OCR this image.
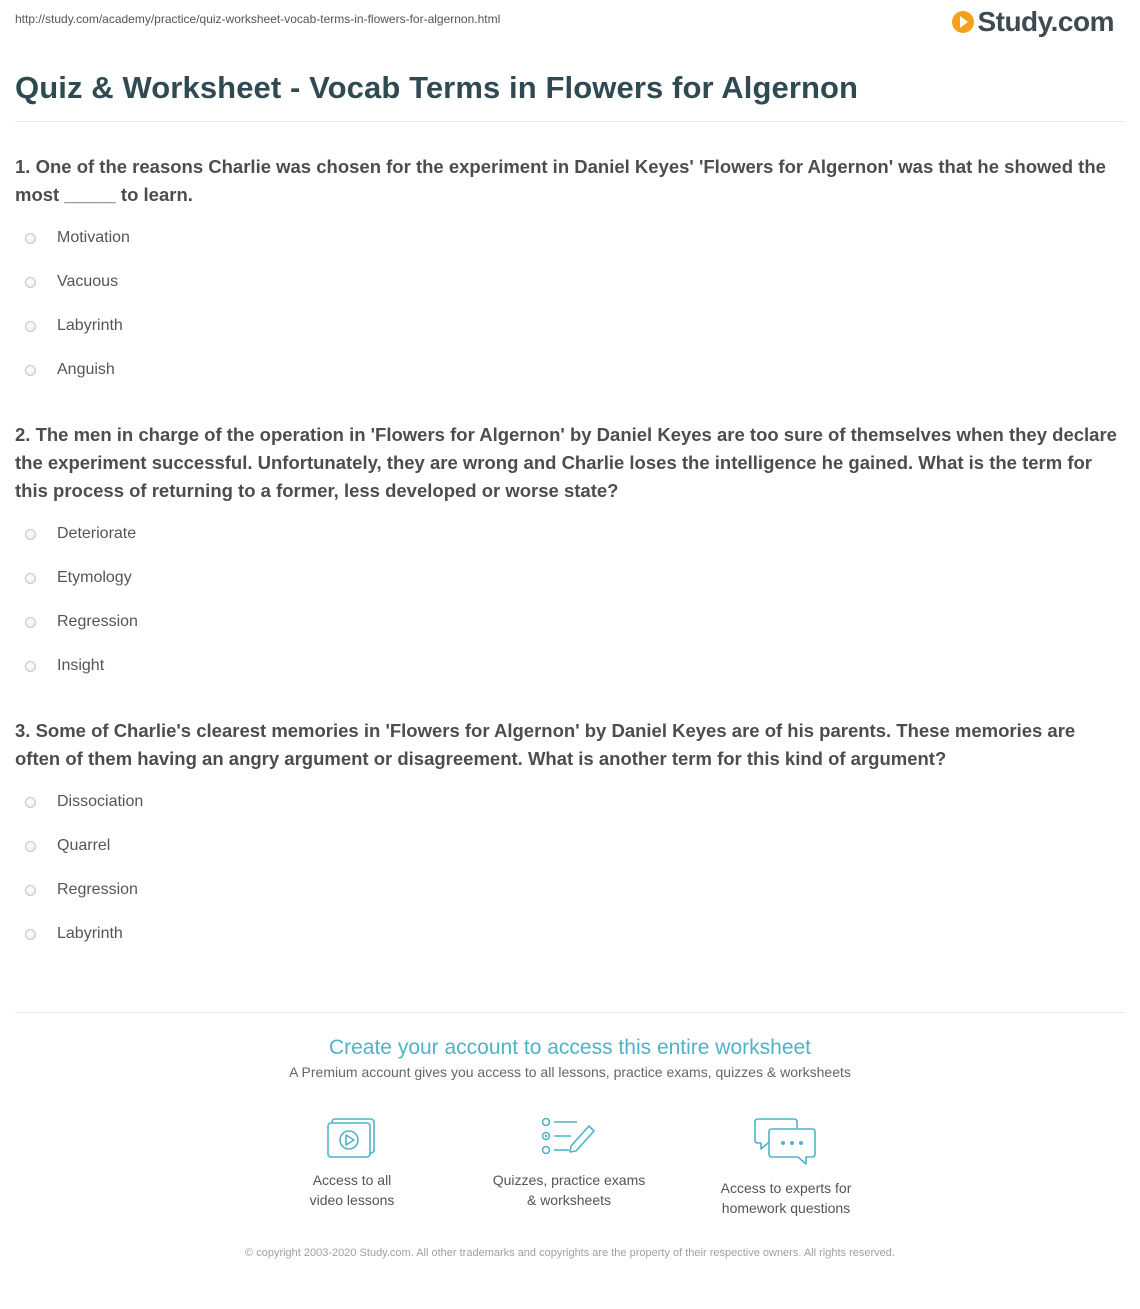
http://study.com/academy/practice/quiz-worksheet-vocab-terms-in-flowers-for-algernon.html	Study.com
Quiz & Worksheet - Vocab Terms in Flowers for Algernon
1. One of the reasons Charlie was chosen for the experiment in Daniel Keyes' 'Flowers for Algernon' was that he showed the most _____ to learn.
Motivation
Vacuous
Labyrinth
Anguish
2. The men in charge of the operation in 'Flowers for Algernon' by Daniel Keyes are too sure of themselves when they declare the experiment successful. Unfortunately, they are wrong and Charlie loses the intelligence he gained. What is the term for this process of returning to a former, less developed or worse state?
Deteriorate
Etymology
Regression
Insight
3. Some of Charlie's clearest memories in 'Flowers for Algernon' by Daniel Keyes are of his parents. These memories are often of them having an angry argument or disagreement. What is another term for this kind of argument?
Dissociation
Quarrel
Regression
Labyrinth
Create your account to access this entire worksheet
A Premium account gives you access to all lessons, practice exams, quizzes & worksheets
Access to all
video lessons
Quizzes, practice exams
& worksheets
Access to experts for
homework questions
© copyright 2003-2020 Study.com. All other trademarks and copyrights are the property of their respective owners. All rights reserved.
